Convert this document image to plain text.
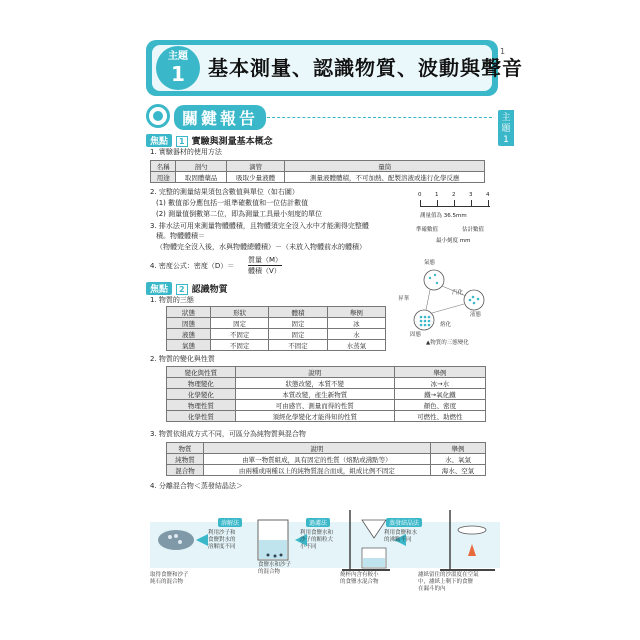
主題
1	基本測量、認識物質、波動與聲音
1
主題
1
關鍵報告
焦點 1 實驗與測量基本概念
1. 實驗器材的使用方法
名稱	剖勺	滴管	量筒
用途	取固體藥品	吸取少量液體	測量液體體積，不可加熱、配製溶液或進行化學反應
2. 完整的測量結果須包含數值與單位（如右圖）
(1) 數值部分應包括一組準確數值和一位估計數值
(2) 測量值倒數第二位，即為測量工具最小刻度的單位
3. 排水法可用來測量物體體積，且物體須完全沒入水中才能測得完整體
積。物體體積＝
（物體完全沒入後，水與物體總體積）－（未放入物體前水的體積）
4. 密度公式：密度（D）＝
質量（M）
體積（V）
0 1 2 3 4
測量值為 36.5mm
準確數值	估計數值
最小刻度 mm
焦點 2 認識物質
1. 物質的三態
狀態	形狀	體積	舉例
固態	固定	固定	冰
液態	不固定	固定	水
氣態	不固定	不固定	水蒸氣
氣態
液態
固態
熔化
汽化
昇華
▲物質的三態變化
2. 物質的變化與性質
變化與性質	說明	舉例
物理變化	狀態改變，本質不變	冰→水
化學變化	本質改變，產生新物質	鐵→氧化鐵
物理性質	可由感官、測量而得的性質	顏色、密度
化學性質	須經化學變化才能得知的性質	可燃性、助燃性
3. 物質依組成方式不同，可區分為純物質與混合物
物質	說明	舉例
純物質	由單一物質組成，具有固定的性質（熔點或沸點等）	水、氧氣
混合物	由兩種或兩種以上的純物質混合而成，組成比例不固定	海水、空氣
4. 分離混合物＜蒸發結晶法＞
溶解法
利用沙子和
食鹽對水的
溶解度不同
過濾法
利用食鹽水和
沙子的顆粒大
小不同
蒸發結晶法
利用食鹽和水
的沸點不同
取得食鹽和沙子
純石的混合物
食鹽水和沙子
的混合物	燒杯內含有較小
的食鹽水混合物
濾紙留住的沙溫度在空氣
中，濾紙上剩下的食鹽
在漏斗的內
